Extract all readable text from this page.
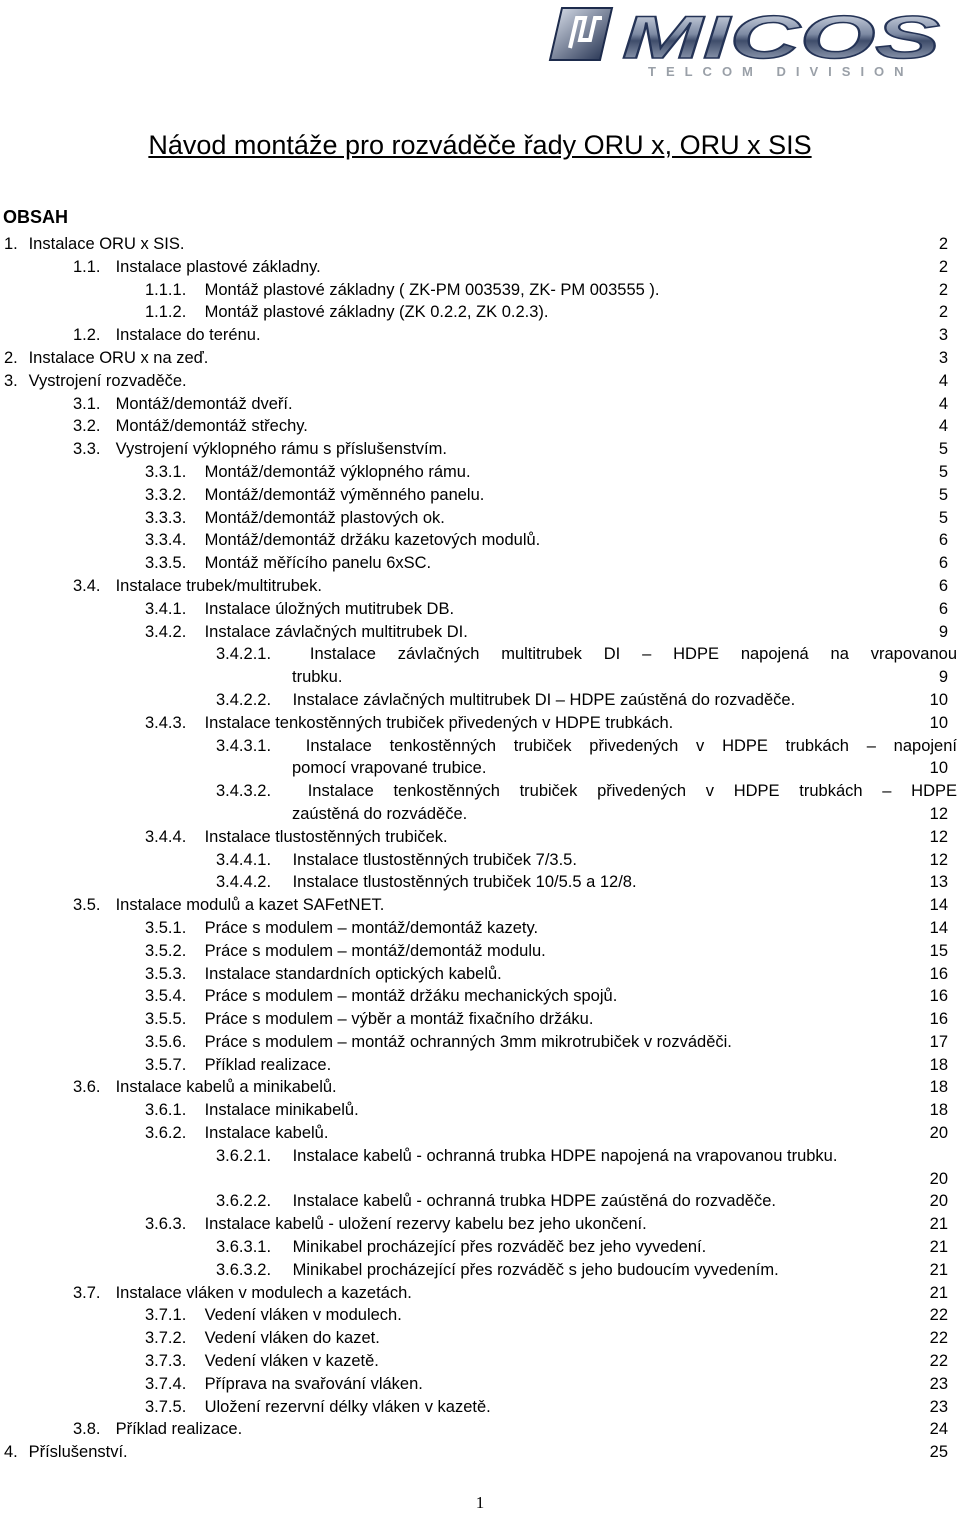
MICOS
TELCOM DIVISION
Návod montáže pro rozváděče řady ORU x, ORU x SIS
OBSAH
1. Instalace ORU x SIS.	2
1.1. Instalace plastové základny.	2
1.1.1. Montáž plastové základny ( ZK-PM 003539, ZK- PM 003555 ).	2
1.1.2. Montáž plastové základny (ZK 0.2.2, ZK 0.2.3).	2
1.2. Instalace do terénu.	3
2. Instalace ORU x na zeď.	3
3. Vystrojení rozvaděče.	4
3.1. Montáž/demontáž dveří.	4
3.2. Montáž/demontáž střechy.	4
3.3. Vystrojení výklopného rámu s příslušenstvím.	5
3.3.1. Montáž/demontáž výklopného rámu.	5
3.3.2. Montáž/demontáž výměnného panelu.	5
3.3.3. Montáž/demontáž plastových ok.	5
3.3.4. Montáž/demontáž držáku kazetových modulů.	6
3.3.5. Montáž měřícího panelu 6xSC.	6
3.4. Instalace trubek/multitrubek.	6
3.4.1. Instalace úložných mutitrubek DB.	6
3.4.2. Instalace závlačných multitrubek DI.	9
3.4.2.1. Instalace závlačných multitrubek DI – HDPE napojená na vrapovanou
trubku.	9
3.4.2.2. Instalace závlačných multitrubek DI – HDPE zaústěná do rozvaděče.	10
3.4.3. Instalace tenkostěnných trubiček přivedených v HDPE trubkách.	10
3.4.3.1. Instalace tenkostěnných trubiček přivedených v HDPE trubkách – napojení
pomocí vrapované trubice.	10
3.4.3.2. Instalace tenkostěnných trubiček přivedených v HDPE trubkách – HDPE
zaústěná do rozváděče.	12
3.4.4. Instalace tlustostěnných trubiček.	12
3.4.4.1. Instalace tlustostěnných trubiček 7/3.5.	12
3.4.4.2. Instalace tlustostěnných trubiček 10/5.5 a 12/8.	13
3.5. Instalace modulů a kazet SAFetNET.	14
3.5.1. Práce s modulem – montáž/demontáž kazety.	14
3.5.2. Práce s modulem – montáž/demontáž modulu.	15
3.5.3. Instalace standardních optických kabelů.	16
3.5.4. Práce s modulem – montáž držáku mechanických spojů.	16
3.5.5. Práce s modulem – výběr a montáž fixačního držáku.	16
3.5.6. Práce s modulem – montáž ochranných 3mm mikrotrubiček v rozváděči.	17
3.5.7. Příklad realizace.	18
3.6. Instalace kabelů a minikabelů.	18
3.6.1. Instalace minikabelů.	18
3.6.2. Instalace kabelů.	20
3.6.2.1. Instalace kabelů - ochranná trubka HDPE napojená na vrapovanou trubku.
20
3.6.2.2. Instalace kabelů - ochranná trubka HDPE zaústěná do rozvaděče.	20
3.6.3. Instalace kabelů - uložení rezervy kabelu bez jeho ukončení.	21
3.6.3.1. Minikabel procházející přes rozváděč bez jeho vyvedení.	21
3.6.3.2. Minikabel procházející přes rozváděč s jeho budoucím vyvedením.	21
3.7. Instalace vláken v modulech a kazetách.	21
3.7.1. Vedení vláken v modulech.	22
3.7.2. Vedení vláken do kazet.	22
3.7.3. Vedení vláken v kazetě.	22
3.7.4. Příprava na svařování vláken.	23
3.7.5. Uložení rezervní délky vláken v kazetě.	23
3.8. Příklad realizace.	24
4. Příslušenství.	25
1
